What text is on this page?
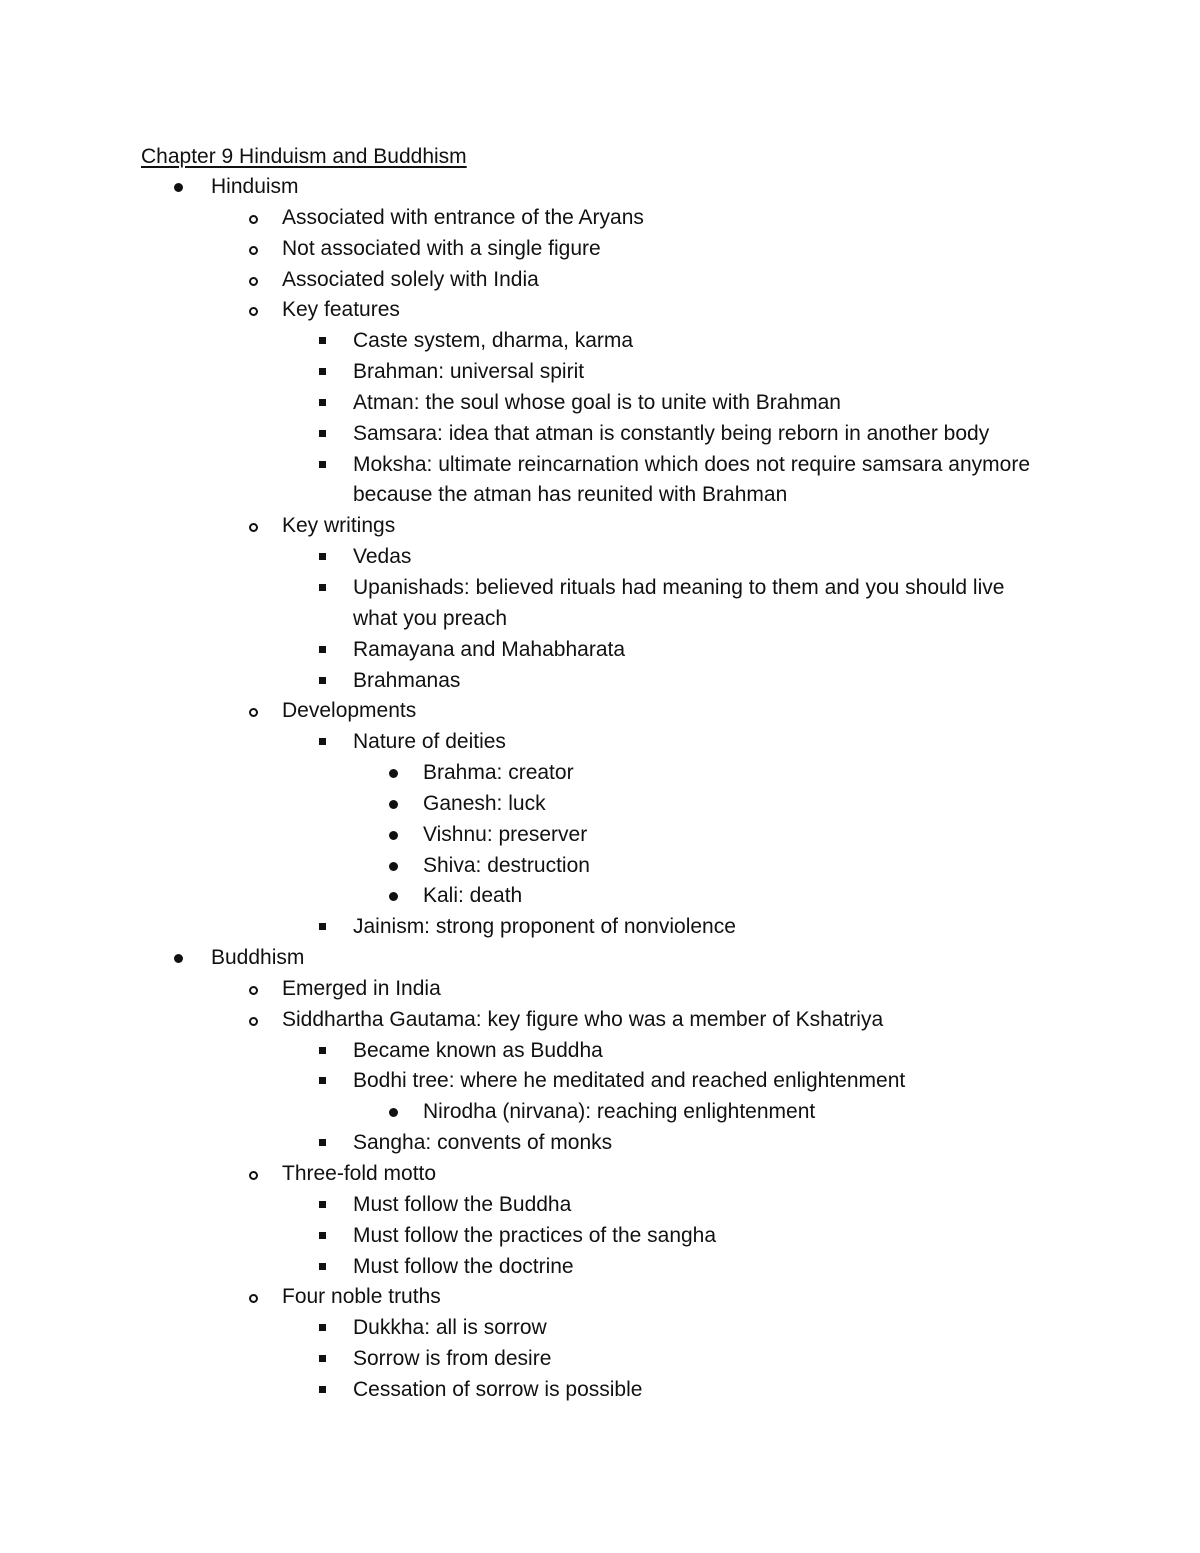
Chapter 9 Hinduism and Buddhism
Hinduism
Associated with entrance of the Aryans
Not associated with a single figure
Associated solely with India
Key features
Caste system, dharma, karma
Brahman: universal spirit
Atman: the soul whose goal is to unite with Brahman
Samsara: idea that atman is constantly being reborn in another body
Moksha: ultimate reincarnation which does not require samsara anymore
because the atman has reunited with Brahman
Key writings
Vedas
Upanishads: believed rituals had meaning to them and you should live
what you preach
Ramayana and Mahabharata
Brahmanas
Developments
Nature of deities
Brahma: creator
Ganesh: luck
Vishnu: preserver
Shiva: destruction
Kali: death
Jainism: strong proponent of nonviolence
Buddhism
Emerged in India
Siddhartha Gautama: key figure who was a member of Kshatriya
Became known as Buddha
Bodhi tree: where he meditated and reached enlightenment
Nirodha (nirvana): reaching enlightenment
Sangha: convents of monks
Three-fold motto
Must follow the Buddha
Must follow the practices of the sangha
Must follow the doctrine
Four noble truths
Dukkha: all is sorrow
Sorrow is from desire
Cessation of sorrow is possible
